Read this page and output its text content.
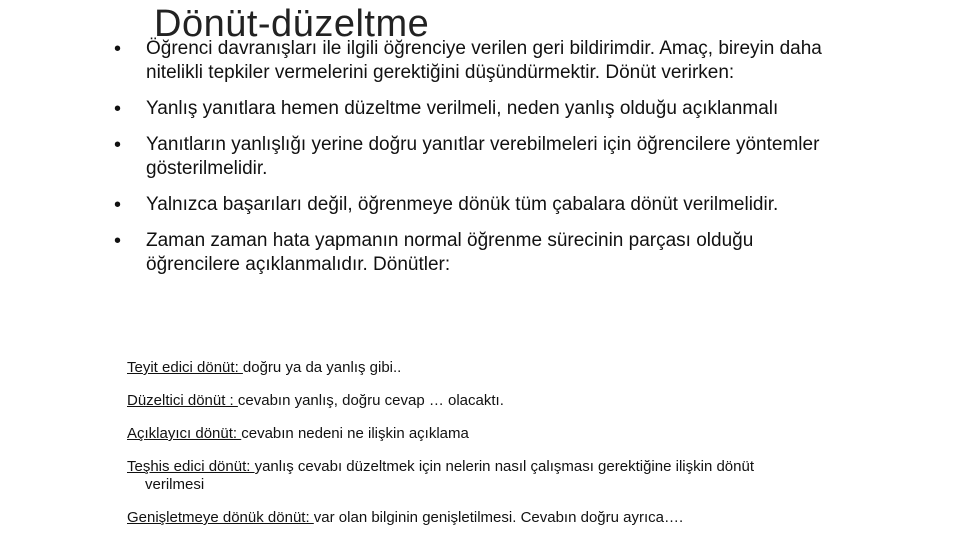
Dönüt-düzeltme
• Öğrenci davranışları ile ilgili öğrenciye verilen geri bildirimdir. Amaç, bireyin daha nitelikli tepkiler vermelerini gerektiğini düşündürmektir. Dönüt verirken:
• Yanlış yanıtlara hemen düzeltme verilmeli, neden yanlış olduğu açıklanmalı
• Yanıtların yanlışlığı yerine doğru yanıtlar verebilmeleri için öğrencilere yöntemler gösterilmelidir.
• Yalnızca başarıları değil, öğrenmeye dönük tüm çabalara dönüt verilmelidir.
• Zaman zaman hata yapmanın normal öğrenme sürecinin parçası olduğu öğrencilere açıklanmalıdır. Dönütler:
Teyit edici dönüt: doğru ya da yanlış gibi..
Düzeltici dönüt : cevabın yanlış, doğru cevap … olacaktı.
Açıklayıcı dönüt: cevabın nedeni ne ilişkin açıklama
Teşhis edici dönüt: yanlış cevabı düzeltmek için nelerin nasıl çalışması gerektiğine ilişkin dönüt verilmesi
Genişletmeye dönük dönüt: var olan bilginin genişletilmesi. Cevabın doğru ayrıca….
